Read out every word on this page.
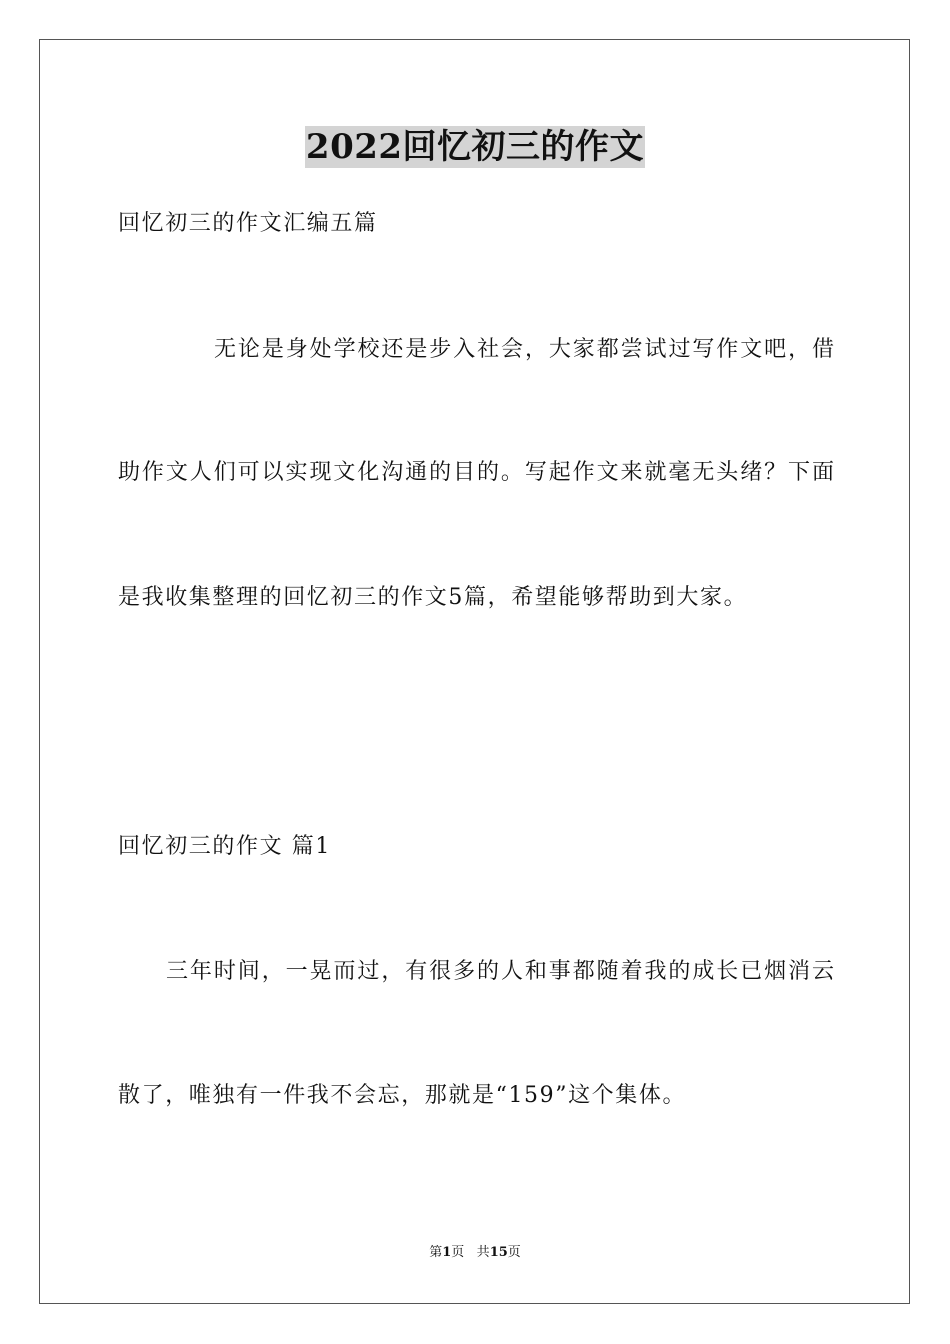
2022回忆初三的作文
回忆初三的作文汇编五篇
无论是身处学校还是步入社会，大家都尝试过写作文吧，借
助作文人们可以实现文化沟通的目的。写起作文来就毫无头绪？下面
是我收集整理的回忆初三的作文5篇，希望能够帮助到大家。
回忆初三的作文 篇1
三年时间，一晃而过，有很多的人和事都随着我的成长已烟消云
散了，唯独有一件我不会忘，那就是“159”这个集体。
第1页 共15页
